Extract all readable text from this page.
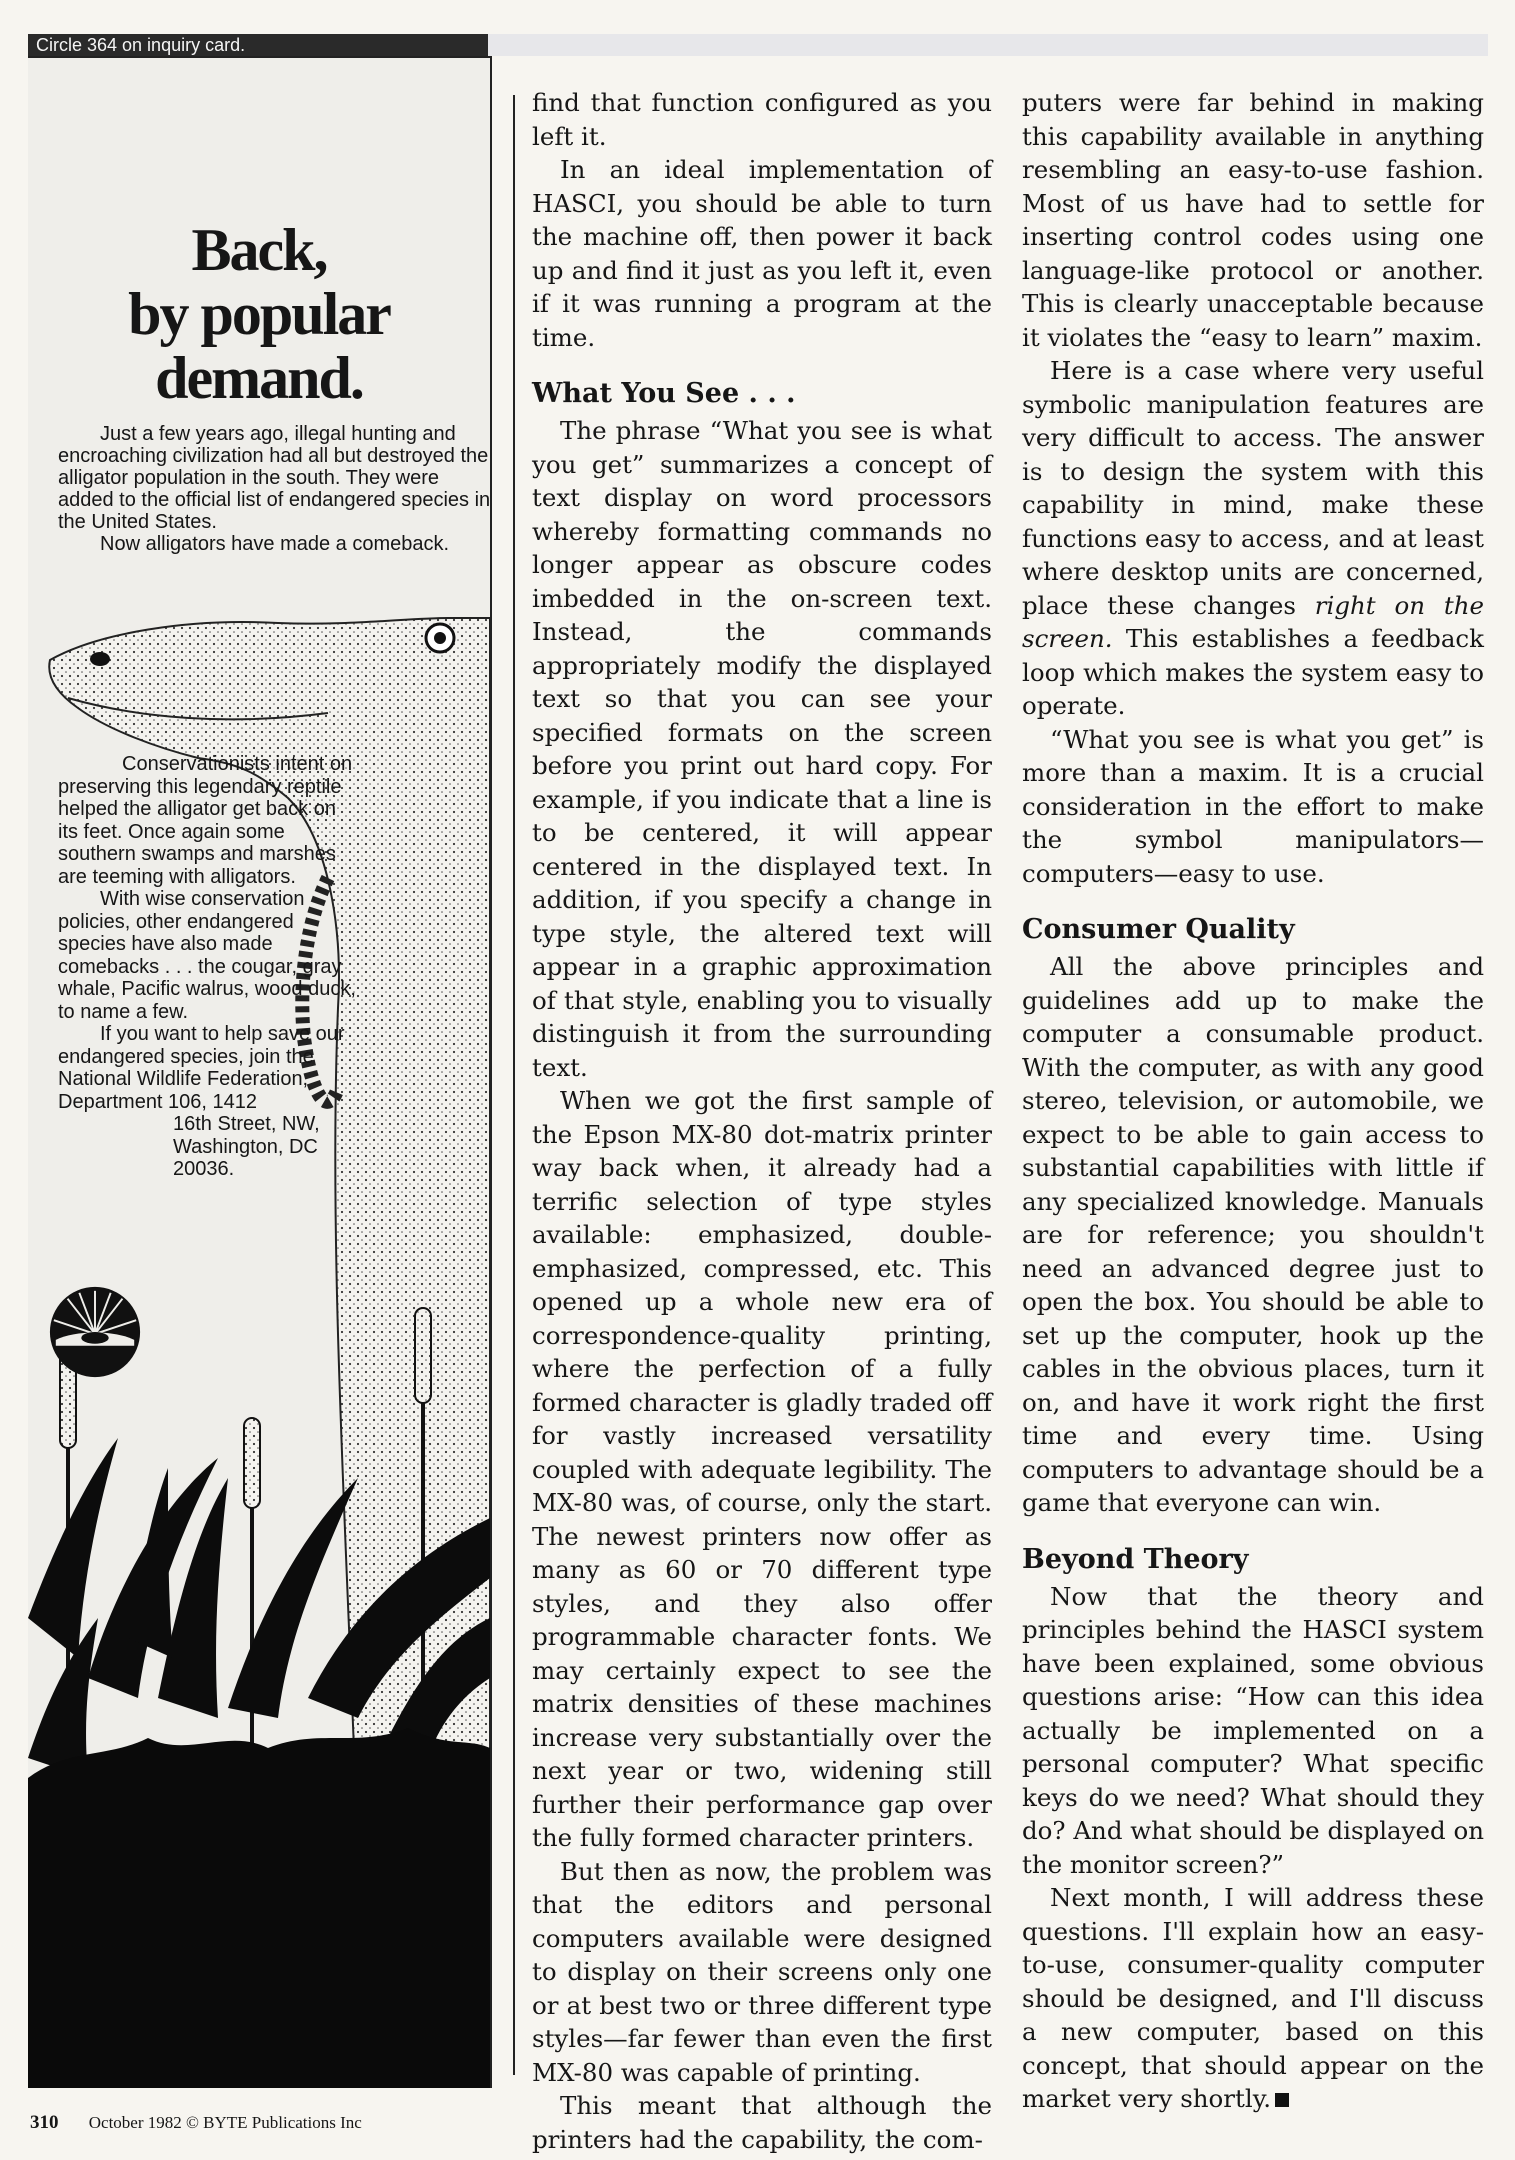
Circle 364 on inquiry card.
Back,
by popular
demand.

Just a few years ago, illegal hunting and encroaching civilization had all but destroyed the alligator population in the south. They were added to the official list of endangered species in the United States.

Now alligators have made a comeback.

Conservationists intent on preserving this legendary reptile helped the alligator get back on its feet. Once again some southern swamps and marshes are teeming with alligators.

With wise conservation policies, other endangered species have also made comebacks . . . the cougar, gray whale, Pacific walrus, wood duck, to name a few.

If you want to help save our endangered species, join the National Wildlife Federation, Department 106, 1412

16th Street, NW,

Washington, DC

20036.

find that function configured as you left it.

In an ideal implementation of HASCI, you should be able to turn the machine off, then power it back up and find it just as you left it, even if it was running a program at the time.

What You See . . .

The phrase “What you see is what you get” summarizes a concept of text display on word processors whereby formatting commands no longer appear as obscure codes imbedded in the on-screen text. Instead, the commands appropriately modify the displayed text so that you can see your specified formats on the screen before you print out hard copy. For example, if you indicate that a line is to be centered, it will appear centered in the displayed text. In addition, if you specify a change in type style, the altered text will appear in a graphic approximation of that style, enabling you to visually distinguish it from the surrounding text.

When we got the first sample of the Epson MX-80 dot-matrix printer way back when, it already had a terrific selection of type styles available: emphasized, double-emphasized, compressed, etc. This opened up a whole new era of correspondence-quality printing, where the perfection of a fully formed character is gladly traded off for vastly increased versatility coupled with adequate legibility. The MX-80 was, of course, only the start. The newest printers now offer as many as 60 or 70 different type styles, and they also offer programmable character fonts. We may certainly expect to see the matrix densities of these machines increase very substantially over the next year or two, widening still further their performance gap over the fully formed character printers.

But then as now, the problem was that the editors and personal computers available were designed to display on their screens only one or at best two or three different type styles—far fewer than even the first MX-80 was capable of printing.

This meant that although the printers had the capability, the com-

puters were far behind in making this capability available in anything resembling an easy-to-use fashion. Most of us have had to settle for inserting control codes using one language-like protocol or another. This is clearly unacceptable because it violates the “easy to learn” maxim.

Here is a case where very useful symbolic manipulation features are very difficult to access. The answer is to design the system with this capability in mind, make these functions easy to access, and at least where desktop units are concerned, place these changes right on the screen. This establishes a feedback loop which makes the system easy to operate.

“What you see is what you get” is more than a maxim. It is a crucial consideration in the effort to make the symbol manipulators—computers—easy to use.

Consumer Quality

All the above principles and guidelines add up to make the computer a consumable product. With the computer, as with any good stereo, television, or automobile, we expect to be able to gain access to substantial capabilities with little if any specialized knowledge. Manuals are for reference; you shouldn't need an advanced degree just to open the box. You should be able to set up the computer, hook up the cables in the obvious places, turn it on, and have it work right the first time and every time. Using computers to advantage should be a game that everyone can win.

Beyond Theory

Now that the theory and principles behind the HASCI system have been explained, some obvious questions arise: “How can this idea actually be implemented on a personal computer? What specific keys do we need? What should they do? And what should be displayed on the monitor screen?”

Next month, I will address these questions. I'll explain how an easy-to-use, consumer-quality computer should be designed, and I'll discuss a new computer, based on this concept, that should appear on the market very shortly.

310 October 1982 © BYTE Publications Inc
